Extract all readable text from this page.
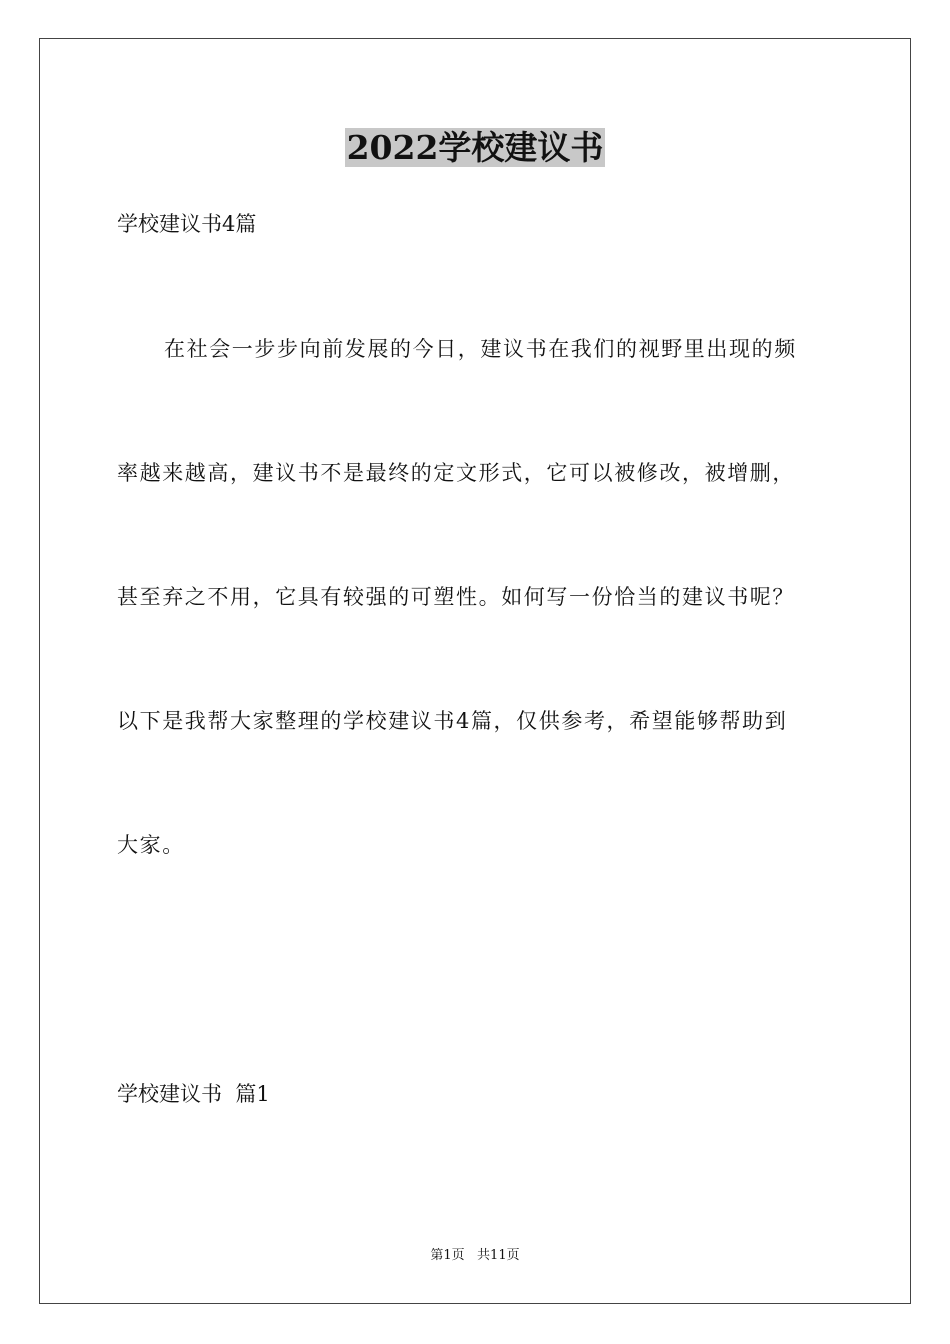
2022学校建议书
学校建议书4篇
在社会一步步向前发展的今日，建议书在我们的视野里出现的频
率越来越高，建议书不是最终的定文形式，它可以被修改，被增删，
甚至弃之不用，它具有较强的可塑性。如何写一份恰当的建议书呢？
以下是我帮大家整理的学校建议书4篇，仅供参考，希望能够帮助到
大家。
学校建议书  篇1
第1页   共11页
